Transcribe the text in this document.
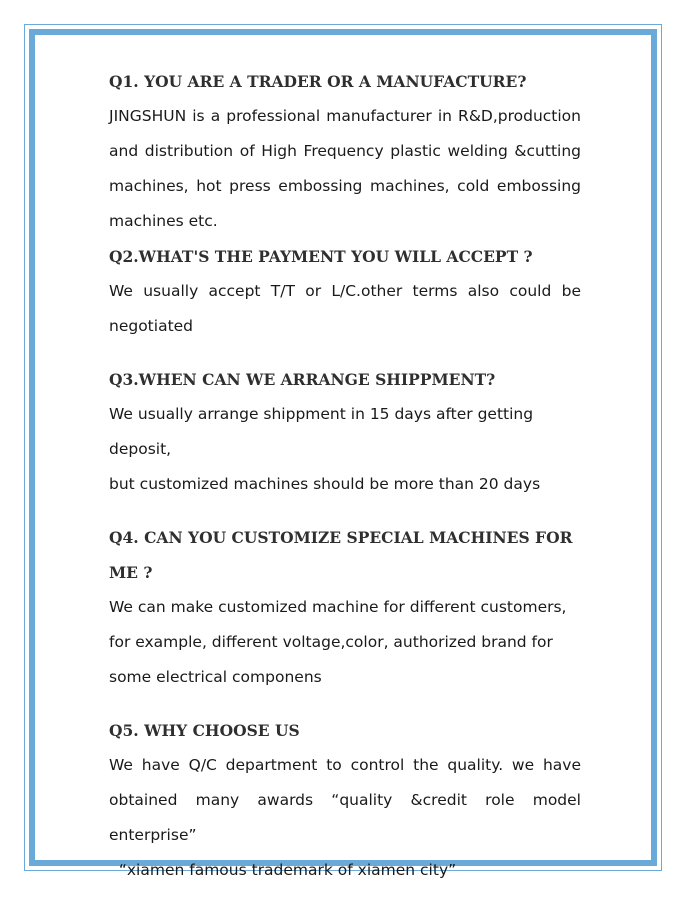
Q1. YOU ARE A TRADER OR A MANUFACTURE?

JINGSHUN is a professional manufacturer in R&D,production and distribution of High Frequency plastic welding &cutting machines, hot press embossing machines, cold embossing machines etc.

Q2.WHAT'S THE PAYMENT YOU WILL ACCEPT ?

We usually accept T/T or L/C.other terms also could be negotiated

Q3.WHEN CAN WE ARRANGE SHIPPMENT?

We usually arrange shippment in 15 days after getting deposit,

but customized machines should be more than 20 days

Q4. CAN YOU CUSTOMIZE SPECIAL MACHINES FOR ME ?

We can make customized machine for different customers,

for example, different voltage,color, authorized brand for

some electrical componens

Q5. WHY CHOOSE US

We have Q/C department to control the quality. we have obtained many awards “quality &credit role model enterprise”

“xiamen famous trademark of xiamen city”
